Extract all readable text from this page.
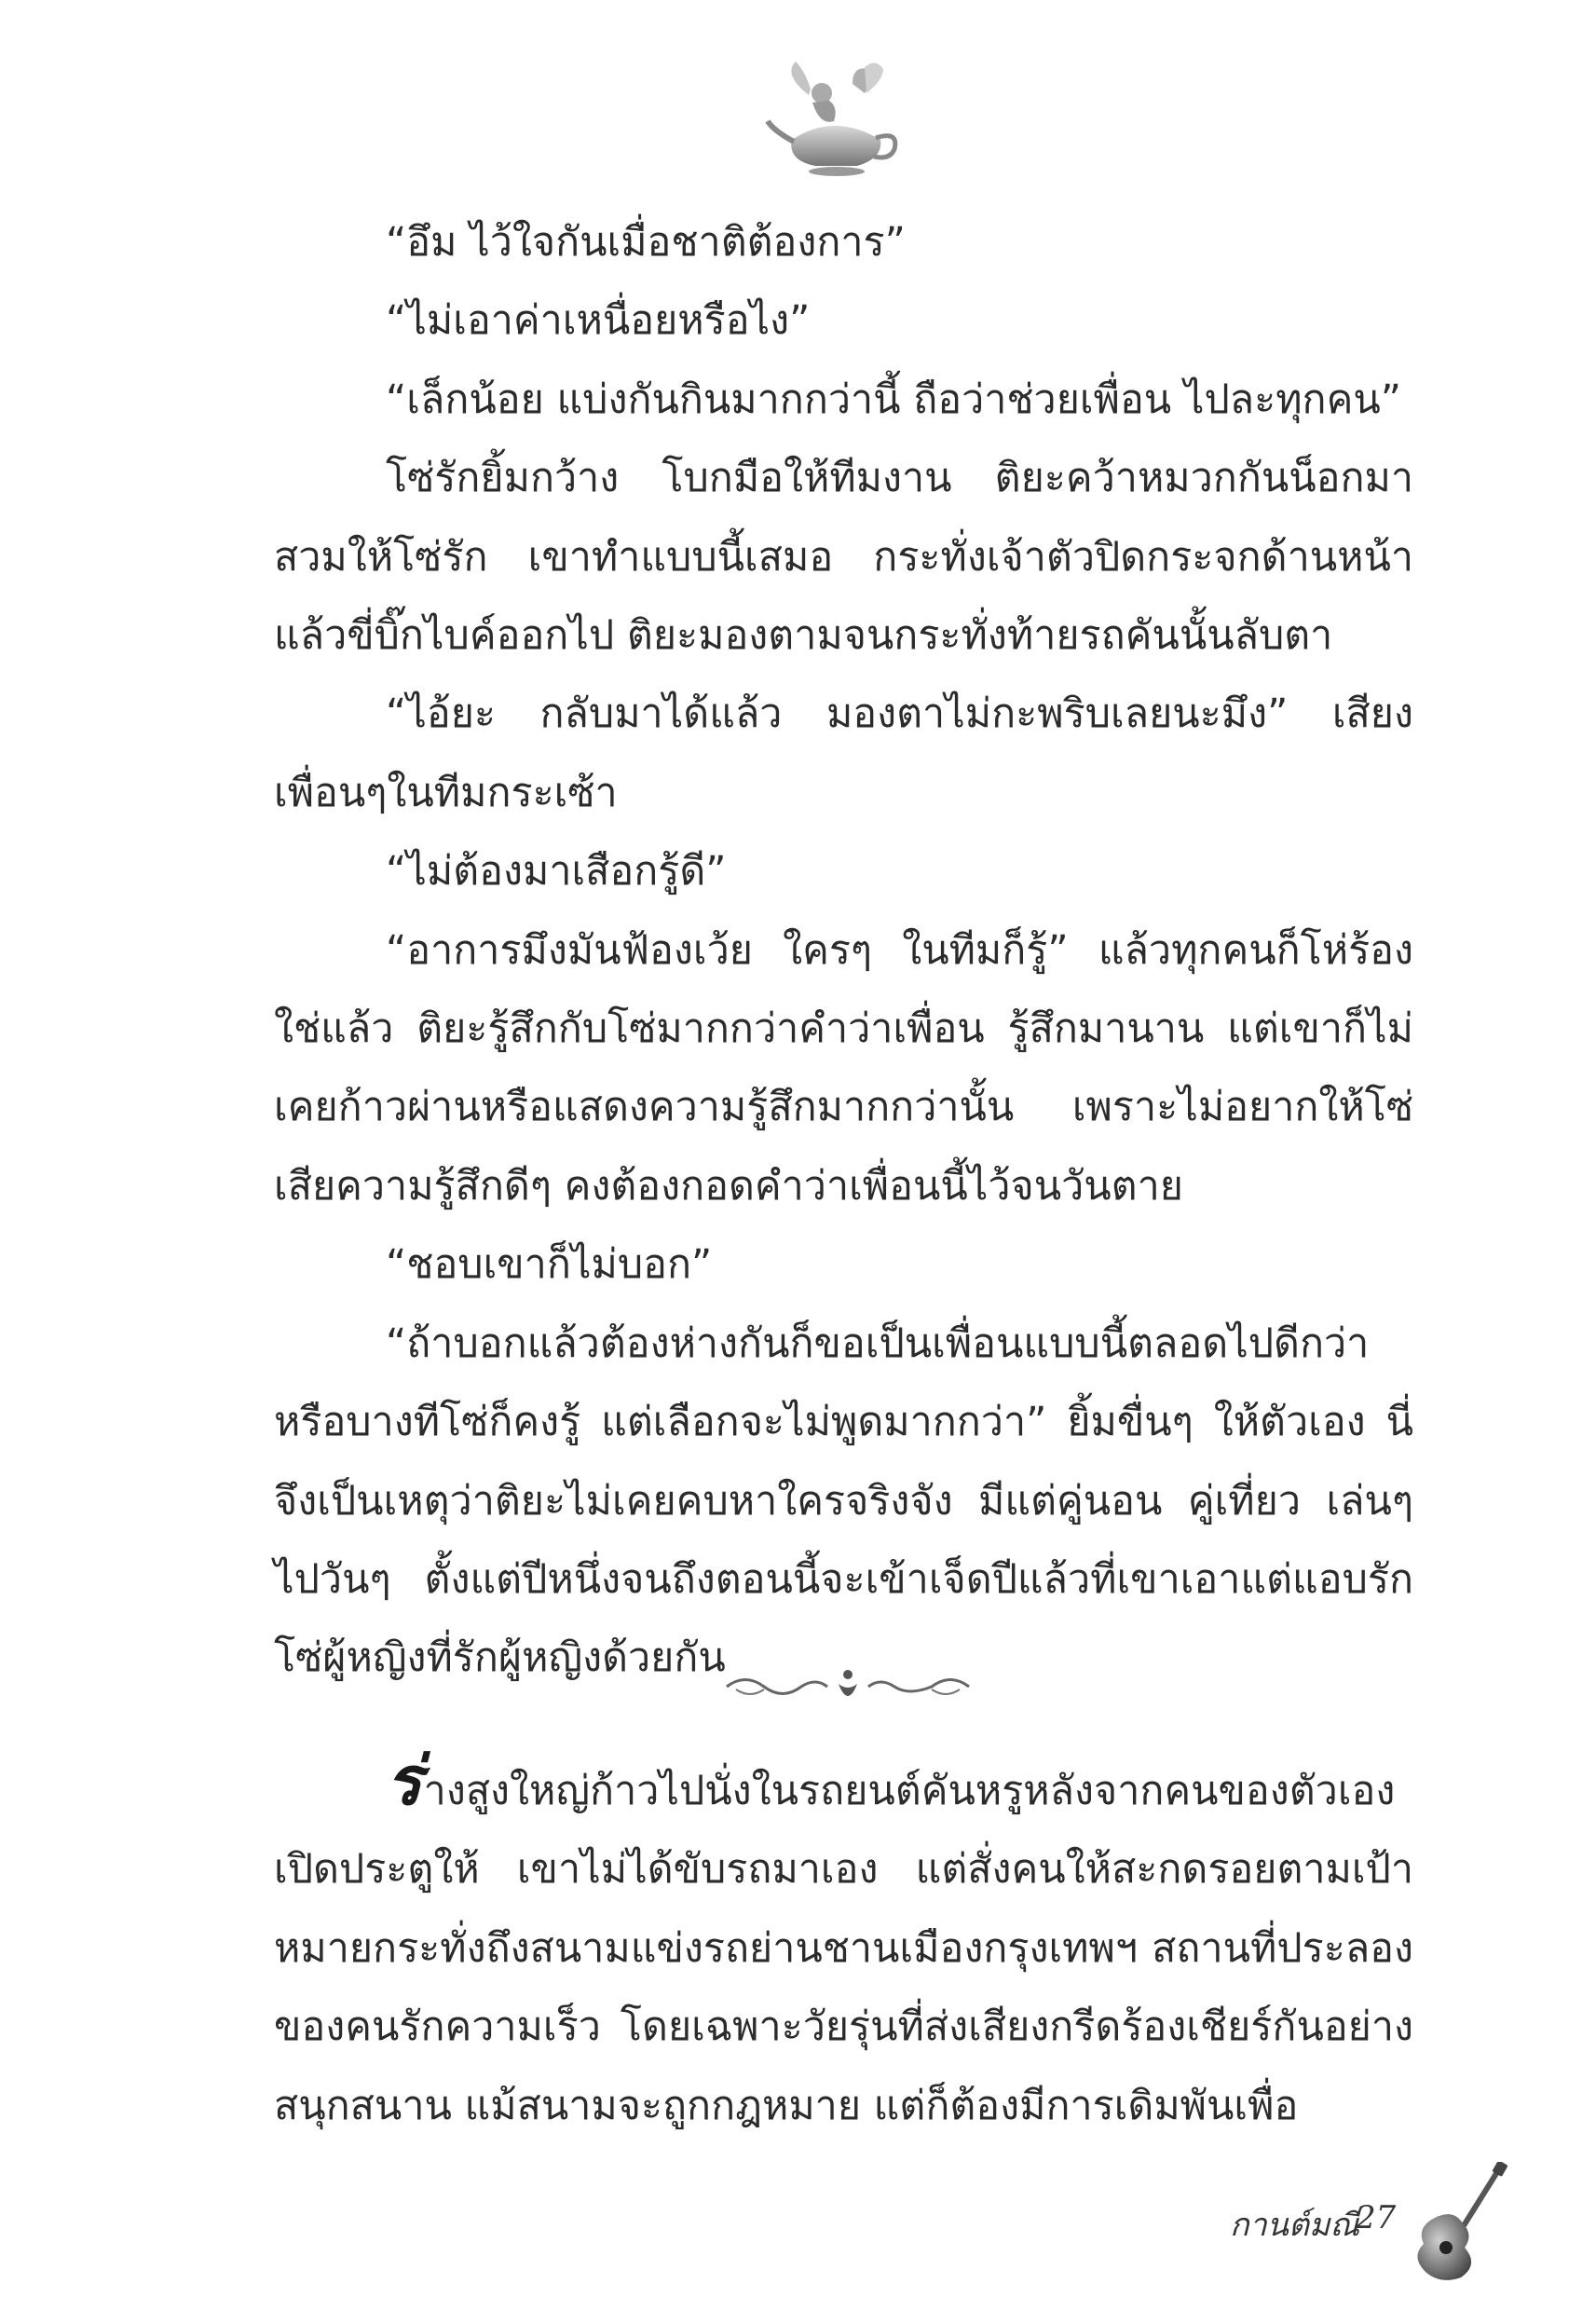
“อึม ไว้ใจกันเมื่อชาติต้องการ”

“ไม่เอาค่าเหนื่อยหรือไง”

“เล็กน้อย แบ่งกันกินมากกว่านี้ ถือว่าช่วยเพื่อน ไปละทุกคน”

โซ่รักยิ้มกว้าง โบกมือให้ทีมงาน ติยะคว้าหมวกกันน็อกมาสวมให้โซ่รัก เขาทำแบบนี้เสมอ กระทั่งเจ้าตัวปิดกระจกด้านหน้าแล้วขี่บิ๊กไบค์ออกไป ติยะมองตามจนกระทั่งท้ายรถคันนั้นลับตา

“ไอ้ยะ กลับมาได้แล้ว มองตาไม่กะพริบเลยนะมึง” เสียงเพื่อนๆในทีมกระเซ้า

“ไม่ต้องมาเสือกรู้ดี”

“อาการมึงมันฟ้องเว้ย ใครๆ ในทีมก็รู้” แล้วทุกคนก็โห่ร้อง ใช่แล้ว ติยะรู้สึกกับโซ่มากกว่าคำว่าเพื่อน รู้สึกมานาน แต่เขาก็ไม่เคยก้าวผ่านหรือแสดงความรู้สึกมากกว่านั้น เพราะไม่อยากให้โซ่เสียความรู้สึกดีๆ คงต้องกอดคำว่าเพื่อนนี้ไว้จนวันตาย

“ชอบเขาก็ไม่บอก”

“ถ้าบอกแล้วต้องห่างกันก็ขอเป็นเพื่อนแบบนี้ตลอดไปดีกว่าหรือบางทีโซ่ก็คงรู้ แต่เลือกจะไม่พูดมากกว่า” ยิ้มขื่นๆ ให้ตัวเอง นี่จึงเป็นเหตุว่าติยะไม่เคยคบหาใครจริงจัง มีแต่คู่นอน คู่เที่ยว เล่นๆไปวันๆ ตั้งแต่ปีหนึ่งจนถึงตอนนี้จะเข้าเจ็ดปีแล้วที่เขาเอาแต่แอบรักโซ่ผู้หญิงที่รักผู้หญิงด้วยกัน

ร่างสูงใหญ่ก้าวไปนั่งในรถยนต์คันหรูหลังจากคนของตัวเองเปิดประตูให้ เขาไม่ได้ขับรถมาเอง แต่สั่งคนให้สะกดรอยตามเป้าหมายกระทั่งถึงสนามแข่งรถย่านชานเมืองกรุงเทพฯ สถานที่ประลองของคนรักความเร็ว โดยเฉพาะวัยรุ่นที่ส่งเสียงกรีดร้องเชียร์กันอย่างสนุกสนาน แม้สนามจะถูกกฎหมาย แต่ก็ต้องมีการเดิมพันเพื่อ

กานต์มณี
27
